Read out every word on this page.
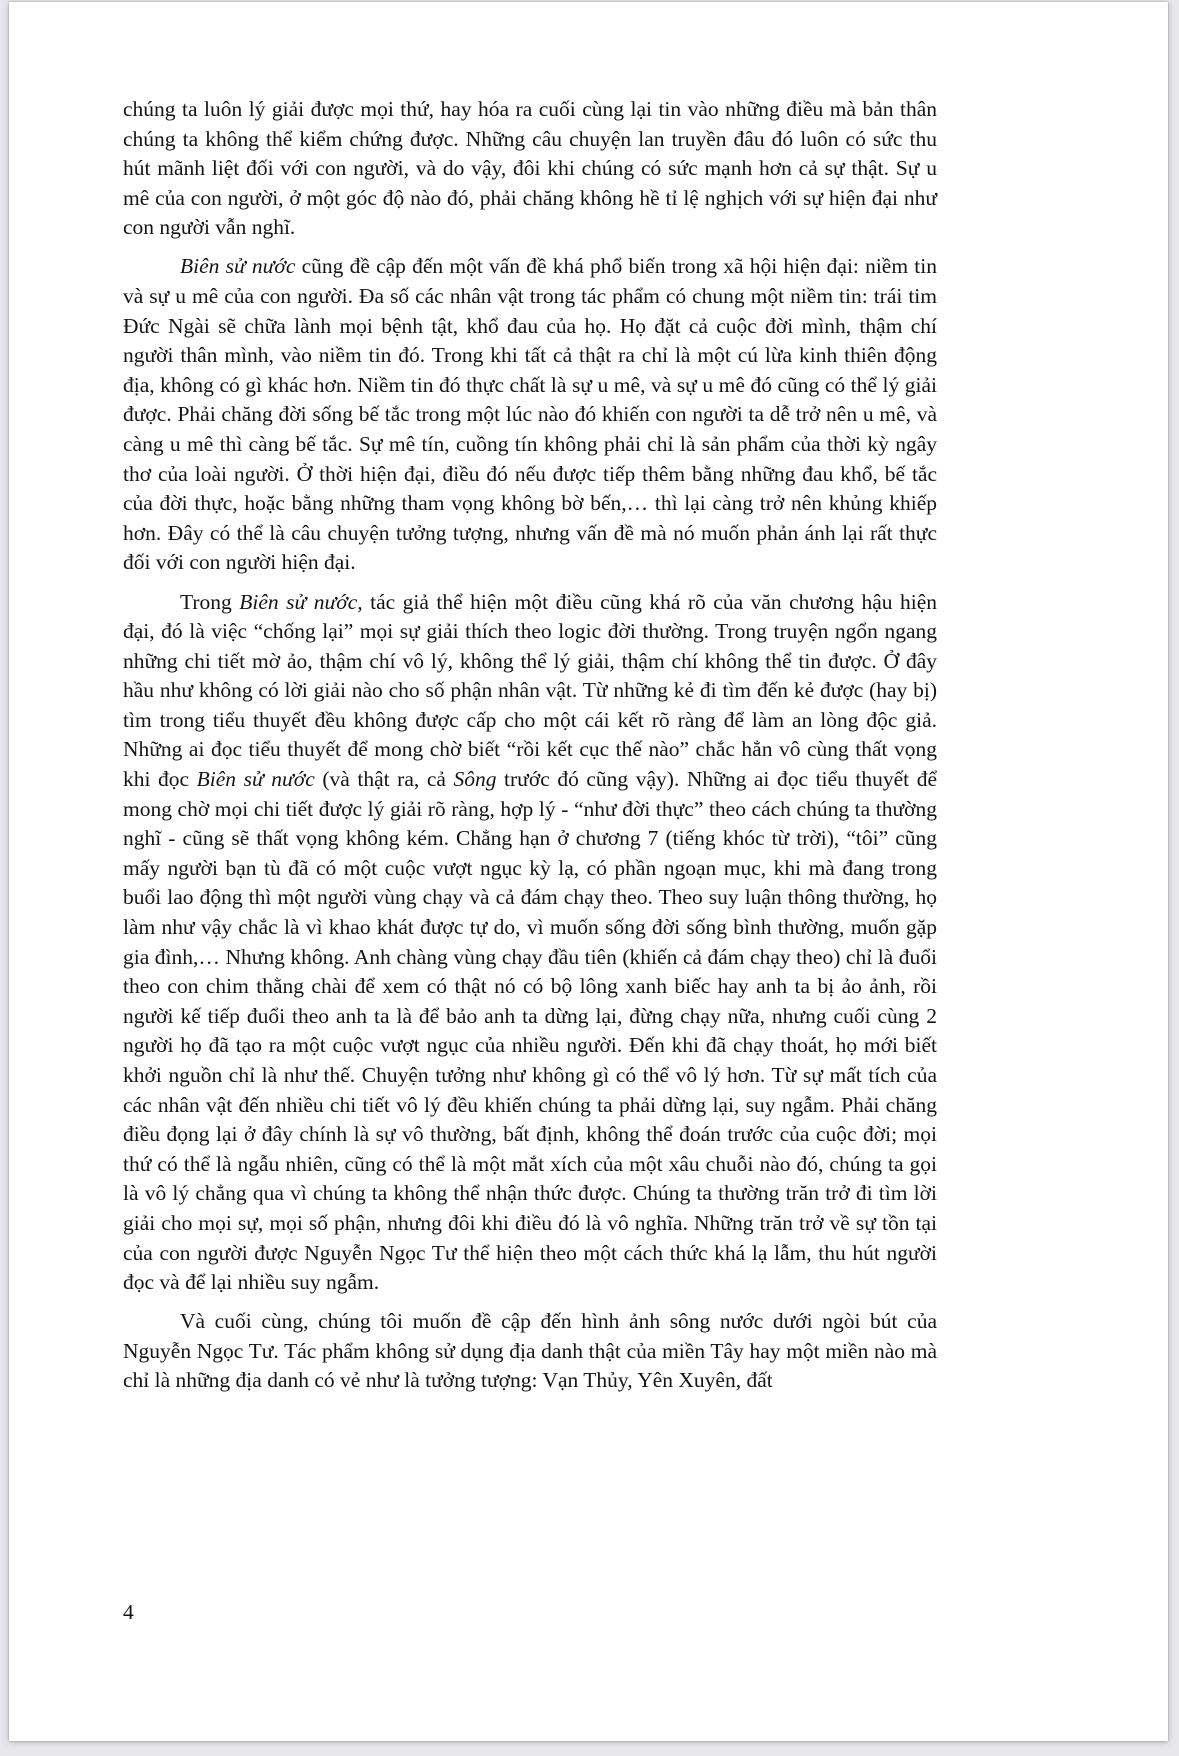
chúng ta luôn lý giải được mọi thứ, hay hóa ra cuối cùng lại tin vào những điều mà bản thân chúng ta không thể kiểm chứng được. Những câu chuyện lan truyền đâu đó luôn có sức thu hút mãnh liệt đối với con người, và do vậy, đôi khi chúng có sức mạnh hơn cả sự thật. Sự u mê của con người, ở một góc độ nào đó, phải chăng không hề tỉ lệ nghịch với sự hiện đại như con người vẫn nghĩ.

Biên sử nước cũng đề cập đến một vấn đề khá phổ biến trong xã hội hiện đại: niềm tin và sự u mê của con người. Đa số các nhân vật trong tác phẩm có chung một niềm tin: trái tim Đức Ngài sẽ chữa lành mọi bệnh tật, khổ đau của họ. Họ đặt cả cuộc đời mình, thậm chí người thân mình, vào niềm tin đó. Trong khi tất cả thật ra chỉ là một cú lừa kinh thiên động địa, không có gì khác hơn. Niềm tin đó thực chất là sự u mê, và sự u mê đó cũng có thể lý giải được. Phải chăng đời sống bế tắc trong một lúc nào đó khiến con người ta dễ trở nên u mê, và càng u mê thì càng bế tắc. Sự mê tín, cuồng tín không phải chỉ là sản phẩm của thời kỳ ngây thơ của loài người. Ở thời hiện đại, điều đó nếu được tiếp thêm bằng những đau khổ, bế tắc của đời thực, hoặc bằng những tham vọng không bờ bến,… thì lại càng trở nên khủng khiếp hơn. Đây có thể là câu chuyện tưởng tượng, nhưng vấn đề mà nó muốn phản ánh lại rất thực đối với con người hiện đại.

Trong Biên sử nước, tác giả thể hiện một điều cũng khá rõ của văn chương hậu hiện đại, đó là việc “chống lại” mọi sự giải thích theo logic đời thường. Trong truyện ngổn ngang những chi tiết mờ ảo, thậm chí vô lý, không thể lý giải, thậm chí không thể tin được. Ở đây hầu như không có lời giải nào cho số phận nhân vật. Từ những kẻ đi tìm đến kẻ được (hay bị) tìm trong tiểu thuyết đều không được cấp cho một cái kết rõ ràng để làm an lòng độc giả. Những ai đọc tiểu thuyết để mong chờ biết “rồi kết cục thế nào” chắc hẳn vô cùng thất vọng khi đọc Biên sử nước (và thật ra, cả Sông trước đó cũng vậy). Những ai đọc tiểu thuyết để mong chờ mọi chi tiết được lý giải rõ ràng, hợp lý - “như đời thực” theo cách chúng ta thường nghĩ - cũng sẽ thất vọng không kém. Chẳng hạn ở chương 7 (tiếng khóc từ trời), “tôi” cũng mấy người bạn tù đã có một cuộc vượt ngục kỳ lạ, có phần ngoạn mục, khi mà đang trong buổi lao động thì một người vùng chạy và cả đám chạy theo. Theo suy luận thông thường, họ làm như vậy chắc là vì khao khát được tự do, vì muốn sống đời sống bình thường, muốn gặp gia đình,… Nhưng không. Anh chàng vùng chạy đầu tiên (khiến cả đám chạy theo) chỉ là đuổi theo con chim thằng chài để xem có thật nó có bộ lông xanh biếc hay anh ta bị ảo ảnh, rồi người kế tiếp đuổi theo anh ta là để bảo anh ta dừng lại, đừng chạy nữa, nhưng cuối cùng 2 người họ đã tạo ra một cuộc vượt ngục của nhiều người. Đến khi đã chạy thoát, họ mới biết khởi nguồn chỉ là như thế. Chuyện tưởng như không gì có thể vô lý hơn. Từ sự mất tích của các nhân vật đến nhiều chi tiết vô lý đều khiến chúng ta phải dừng lại, suy ngẫm. Phải chăng điều đọng lại ở đây chính là sự vô thường, bất định, không thể đoán trước của cuộc đời; mọi thứ có thể là ngẫu nhiên, cũng có thể là một mắt xích của một xâu chuỗi nào đó, chúng ta gọi là vô lý chẳng qua vì chúng ta không thể nhận thức được. Chúng ta thường trăn trở đi tìm lời giải cho mọi sự, mọi số phận, nhưng đôi khi điều đó là vô nghĩa. Những trăn trở về sự tồn tại của con người được Nguyễn Ngọc Tư thể hiện theo một cách thức khá lạ lẫm, thu hút người đọc và để lại nhiều suy ngẫm.

Và cuối cùng, chúng tôi muốn đề cập đến hình ảnh sông nước dưới ngòi bút của Nguyễn Ngọc Tư. Tác phẩm không sử dụng địa danh thật của miền Tây hay một miền nào mà chỉ là những địa danh có vẻ như là tưởng tượng: Vạn Thủy, Yên Xuyên, đất

4
